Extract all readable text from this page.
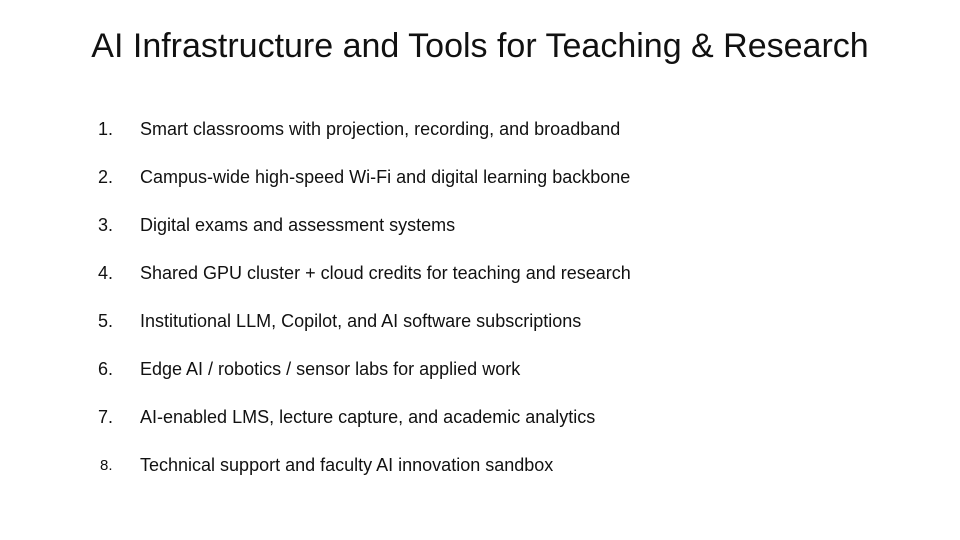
AI Infrastructure and Tools for Teaching & Research
1.	Smart classrooms with projection, recording, and broadband
2.	Campus-wide high-speed Wi-Fi and digital learning backbone
3.	Digital exams and assessment systems
4.	Shared GPU cluster + cloud credits for teaching and research
5.	Institutional LLM, Copilot, and AI software subscriptions
6.	Edge AI / robotics / sensor labs for applied work
7.	AI-enabled LMS, lecture capture, and academic analytics
8.	Technical support and faculty AI innovation sandbox
